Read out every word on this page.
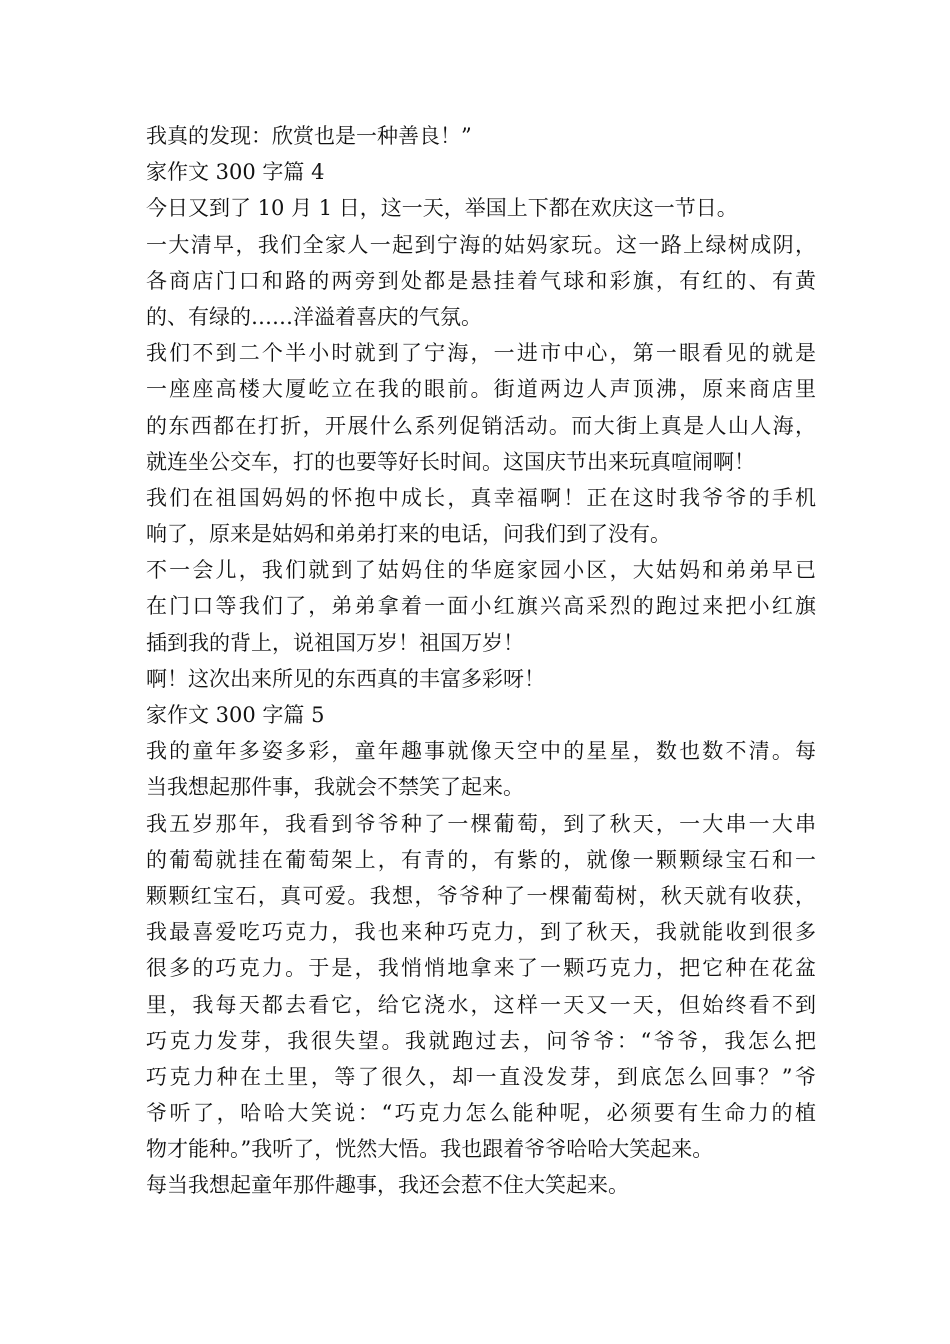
我真的发现：欣赏也是一种善良！”
家作文 300 字篇 4
今日又到了 10 月 1 日，这一天，举国上下都在欢庆这一节日。
一大清早，我们全家人一起到宁海的姑妈家玩。这一路上绿树成阴，
各商店门口和路的两旁到处都是悬挂着气球和彩旗，有红的、有黄
的、有绿的……洋溢着喜庆的气氛。
我们不到二个半小时就到了宁海，一进市中心，第一眼看见的就是
一座座高楼大厦屹立在我的眼前。街道两边人声顶沸，原来商店里
的东西都在打折，开展什么系列促销活动。而大街上真是人山人海，
就连坐公交车，打的也要等好长时间。这国庆节出来玩真喧闹啊！
我们在祖国妈妈的怀抱中成长，真幸福啊！正在这时我爷爷的手机
响了，原来是姑妈和弟弟打来的电话，问我们到了没有。
不一会儿，我们就到了姑妈住的华庭家园小区，大姑妈和弟弟早已
在门口等我们了，弟弟拿着一面小红旗兴高采烈的跑过来把小红旗
插到我的背上，说祖国万岁！祖国万岁！
啊！这次出来所见的东西真的丰富多彩呀！
家作文 300 字篇 5
我的童年多姿多彩，童年趣事就像天空中的星星，数也数不清。每
当我想起那件事，我就会不禁笑了起来。
我五岁那年，我看到爷爷种了一棵葡萄，到了秋天，一大串一大串
的葡萄就挂在葡萄架上，有青的，有紫的，就像一颗颗绿宝石和一
颗颗红宝石，真可爱。我想，爷爷种了一棵葡萄树，秋天就有收获，
我最喜爱吃巧克力，我也来种巧克力，到了秋天，我就能收到很多
很多的巧克力。于是，我悄悄地拿来了一颗巧克力，把它种在花盆
里，我每天都去看它，给它浇水，这样一天又一天，但始终看不到
巧克力发芽，我很失望。我就跑过去，问爷爷：“爷爷，我怎么把
巧克力种在土里，等了很久，却一直没发芽，到底怎么回事？”爷
爷听了，哈哈大笑说：“巧克力怎么能种呢，必须要有生命力的植
物才能种。”我听了，恍然大悟。我也跟着爷爷哈哈大笑起来。
每当我想起童年那件趣事，我还会惹不住大笑起来。
